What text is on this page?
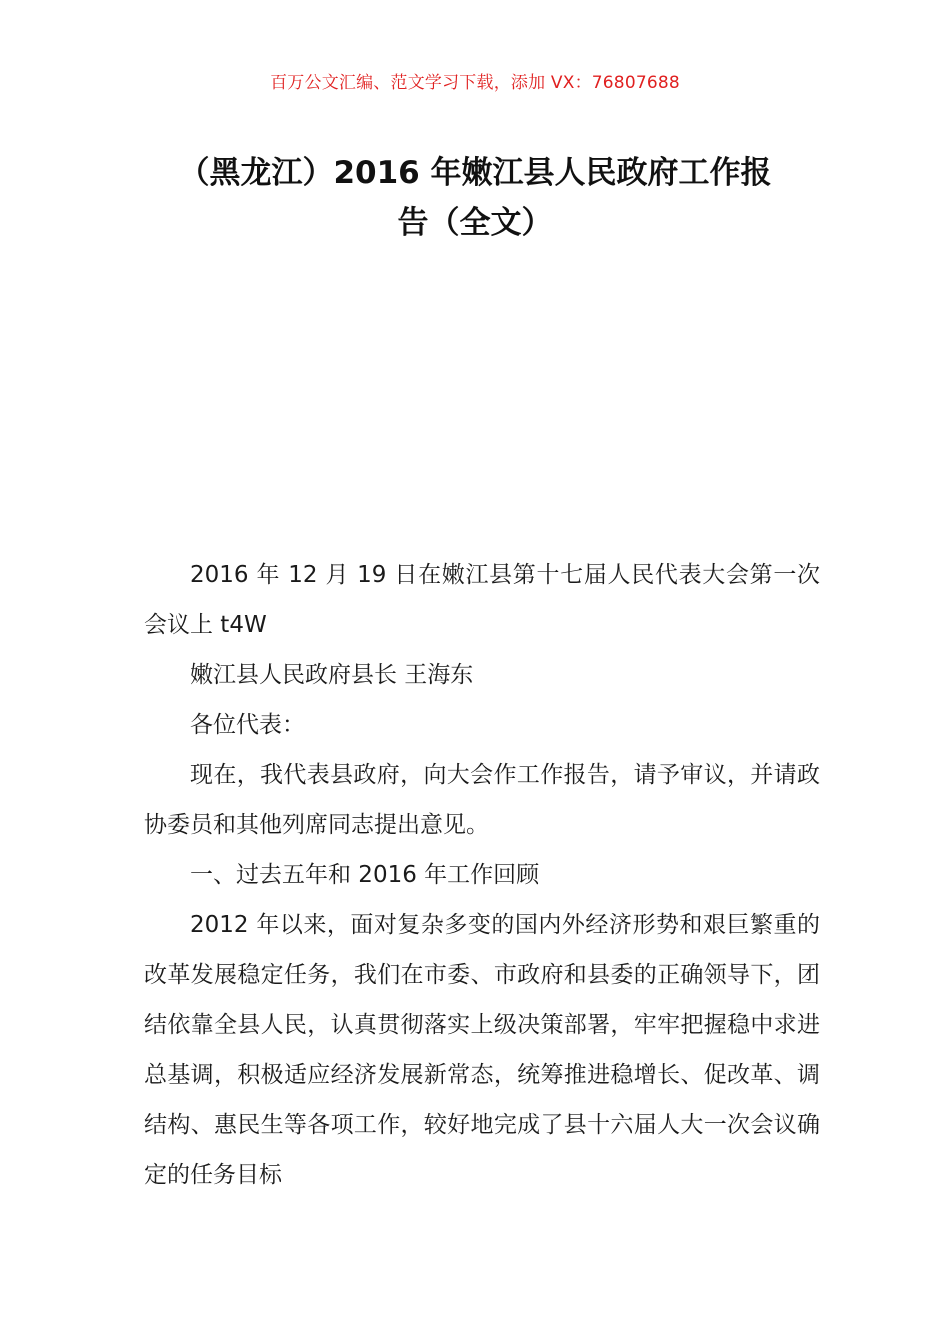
百万公文汇编、范文学习下载，添加 VX：76807688
（黑龙江）2016 年嫩江县人民政府工作报
告（全文）

2016 年 12 月 19 日在嫩江县第十七届人民代表大会第一次会议上 t4W

嫩江县人民政府县长 王海东

各位代表：

现在，我代表县政府，向大会作工作报告，请予审议，并请政协委员和其他列席同志提出意见。

一、过去五年和 2016 年工作回顾

2012 年以来，面对复杂多变的国内外经济形势和艰巨繁重的改革发展稳定任务，我们在市委、市政府和县委的正确领导下，团结依靠全县人民，认真贯彻落实上级决策部署，牢牢把握稳中求进总基调，积极适应经济发展新常态，统筹推进稳增长、促改革、调结构、惠民生等各项工作，较好地完成了县十六届人大一次会议确定的任务目标
